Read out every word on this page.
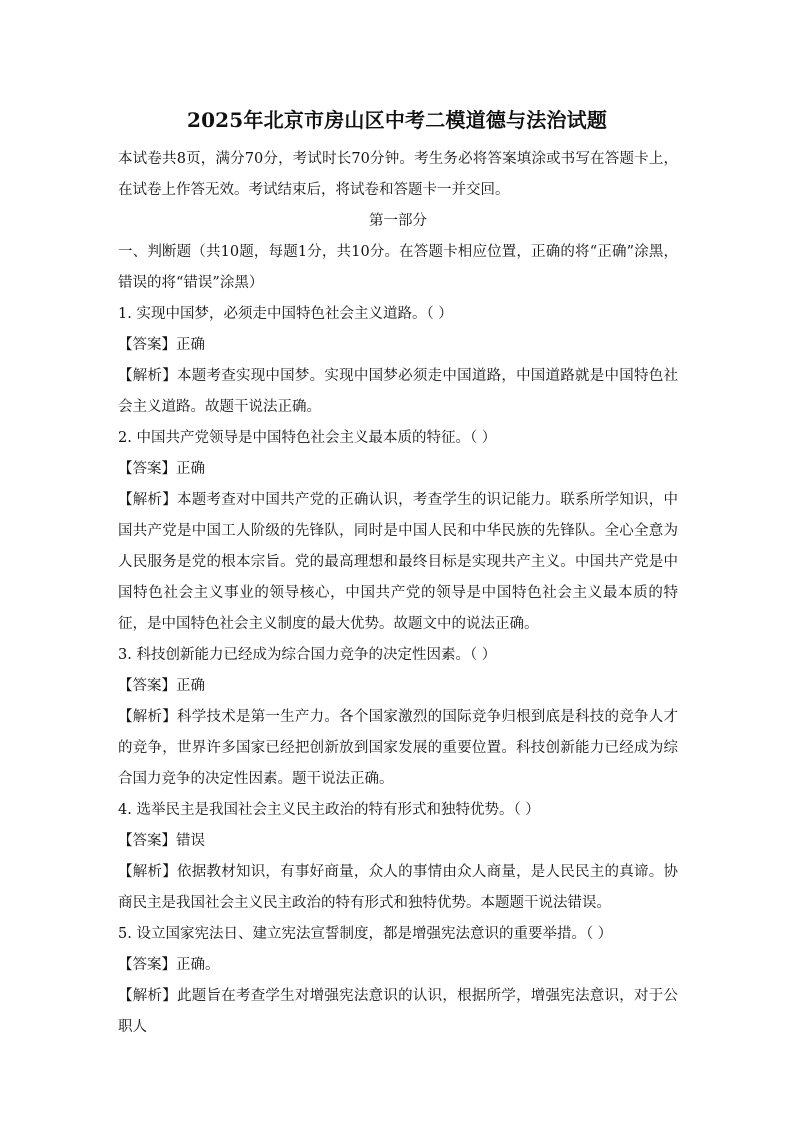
2025年北京市房山区中考二模道德与法治试题

本试卷共8页，满分70分，考试时长70分钟。考生务必将答案填涂或书写在答题卡上，在试卷上作答无效。考试结束后，将试卷和答题卡一并交回。

第一部分

一、判断题（共10题，每题1分，共10分。在答题卡相应位置，正确的将“正确”涂黑，错误的将“错误”涂黑）

1. 实现中国梦，必须走中国特色社会主义道路。（ ）

【答案】正确

【解析】本题考查实现中国梦。实现中国梦必须走中国道路，中国道路就是中国特色社会主义道路。故题干说法正确。

2. 中国共产党领导是中国特色社会主义最本质的特征。（ ）

【答案】正确

【解析】本题考查对中国共产党的正确认识，考查学生的识记能力。联系所学知识，中国共产党是中国工人阶级的先锋队，同时是中国人民和中华民族的先锋队。全心全意为人民服务是党的根本宗旨。党的最高理想和最终目标是实现共产主义。中国共产党是中国特色社会主义事业的领导核心，中国共产党的领导是中国特色社会主义最本质的特征，是中国特色社会主义制度的最大优势。故题文中的说法正确。

3. 科技创新能力已经成为综合国力竞争的决定性因素。（ ）

【答案】正确

【解析】科学技术是第一生产力。各个国家激烈的国际竞争归根到底是科技的竞争人才的竞争，世界许多国家已经把创新放到国家发展的重要位置。科技创新能力已经成为综合国力竞争的决定性因素。题干说法正确。

4. 选举民主是我国社会主义民主政治的特有形式和独特优势。（ ）

【答案】错误

【解析】依据教材知识，有事好商量，众人的事情由众人商量，是人民民主的真谛。协商民主是我国社会主义民主政治的特有形式和独特优势。本题题干说法错误。

5. 设立国家宪法日、建立宪法宣誓制度，都是增强宪法意识的重要举措。（ ）

【答案】正确。

【解析】此题旨在考查学生对增强宪法意识的认识，根据所学，增强宪法意识，对于公职人
